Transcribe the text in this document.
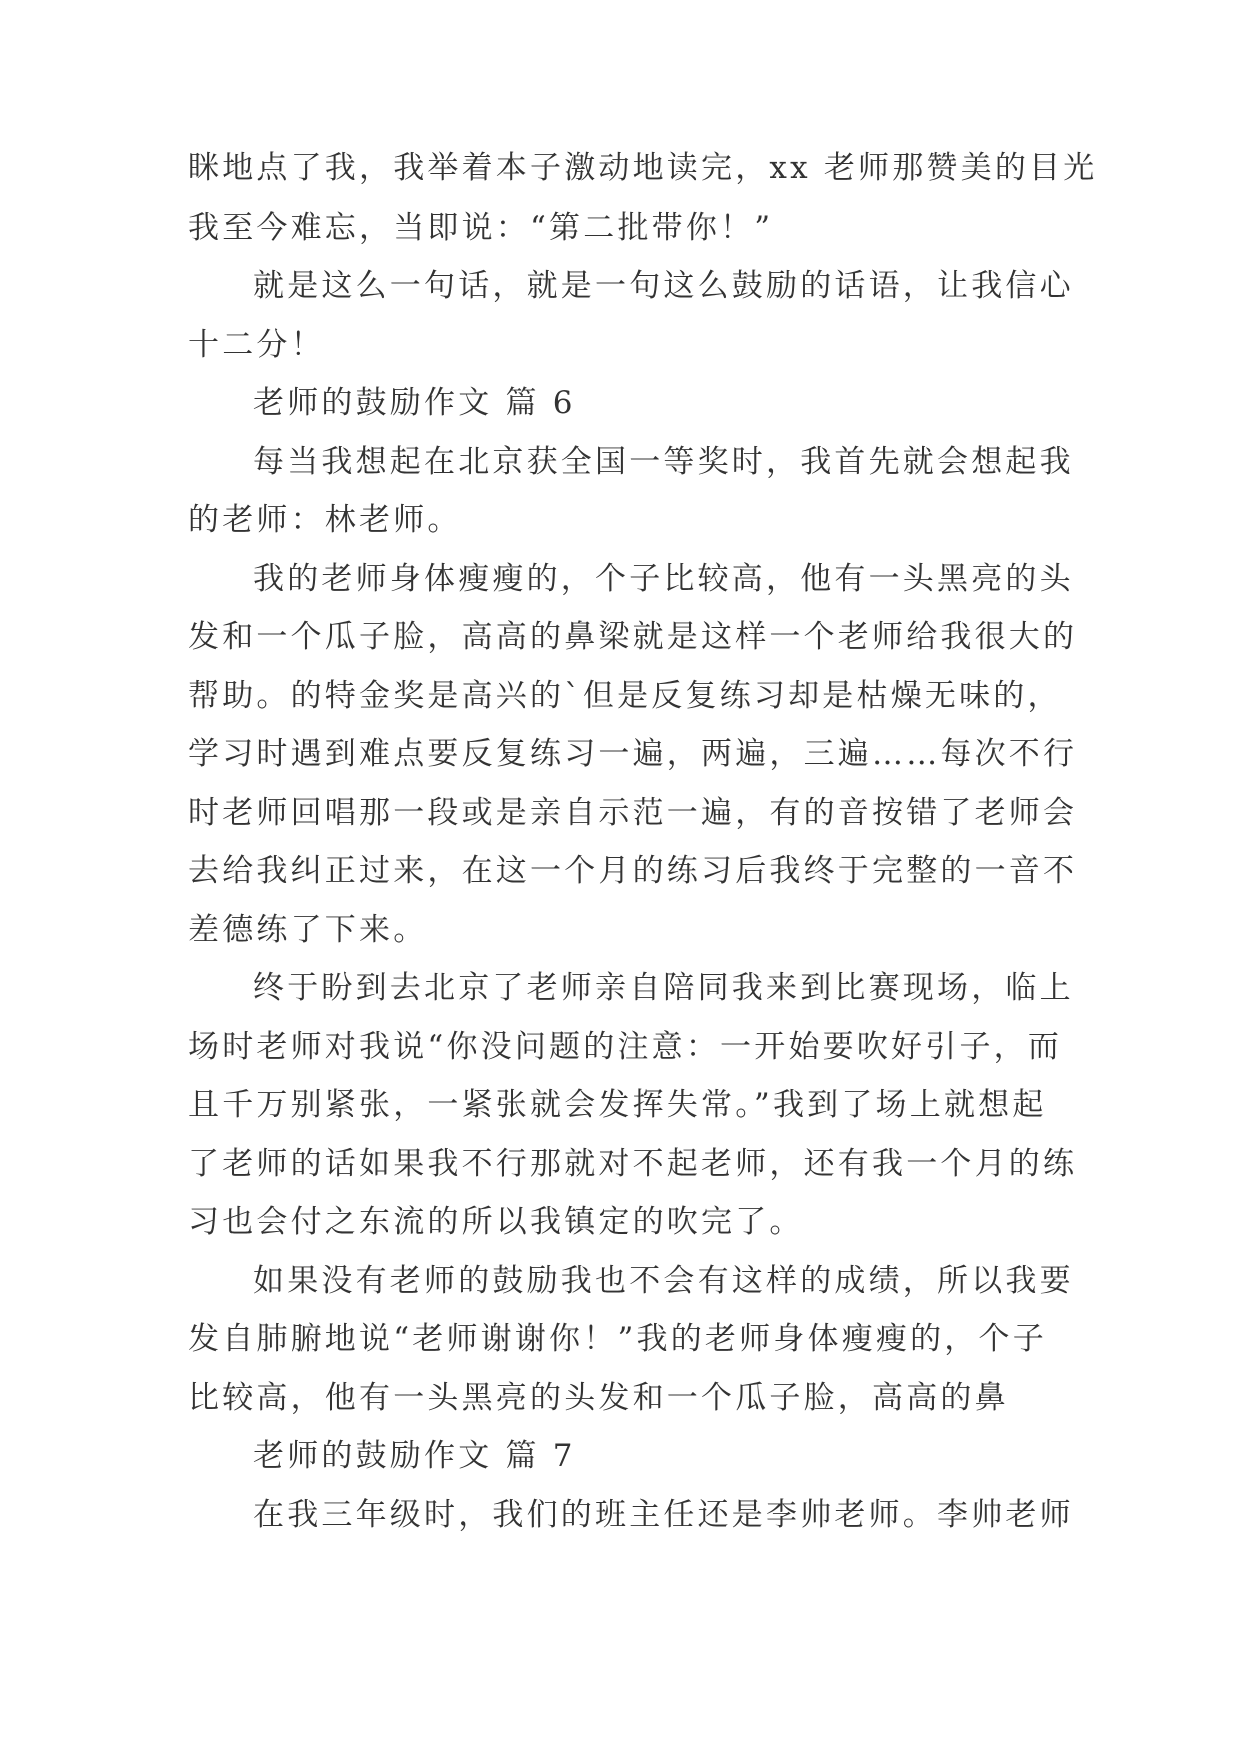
眯地点了我，我举着本子激动地读完，xx 老师那赞美的目光
我至今难忘，当即说：“第二批带你！”
就是这么一句话，就是一句这么鼓励的话语，让我信心
十二分！
老师的鼓励作文 篇 6
每当我想起在北京获全国一等奖时，我首先就会想起我
的老师：林老师。
我的老师身体瘦瘦的，个子比较高，他有一头黑亮的头
发和一个瓜子脸，高高的鼻梁就是这样一个老师给我很大的
帮助。的特金奖是高兴的`但是反复练习却是枯燥无味的，
学习时遇到难点要反复练习一遍，两遍，三遍……每次不行
时老师回唱那一段或是亲自示范一遍，有的音按错了老师会
去给我纠正过来，在这一个月的练习后我终于完整的一音不
差德练了下来。
终于盼到去北京了老师亲自陪同我来到比赛现场，临上
场时老师对我说“你没问题的注意：一开始要吹好引子，而
且千万别紧张，一紧张就会发挥失常。”我到了场上就想起
了老师的话如果我不行那就对不起老师，还有我一个月的练
习也会付之东流的所以我镇定的吹完了。
如果没有老师的鼓励我也不会有这样的成绩，所以我要
发自肺腑地说“老师谢谢你！”我的老师身体瘦瘦的，个子
比较高，他有一头黑亮的头发和一个瓜子脸，高高的鼻
老师的鼓励作文 篇 7
在我三年级时，我们的班主任还是李帅老师。李帅老师
